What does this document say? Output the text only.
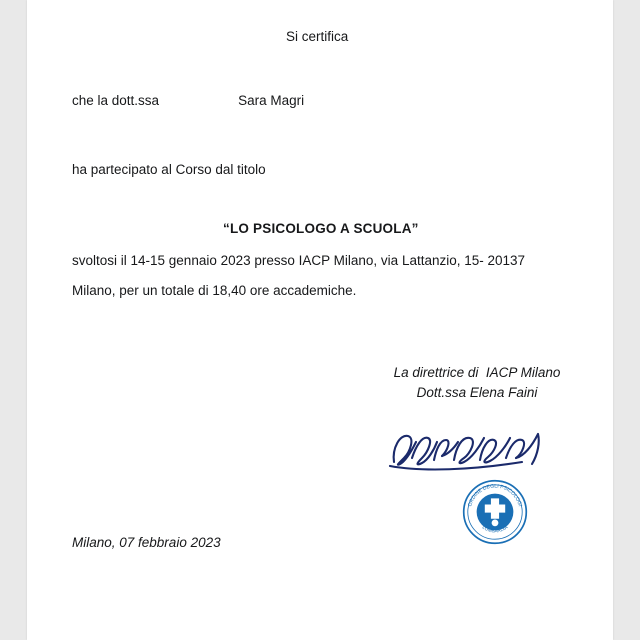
Si certifica
che la dott.ssa	Sara Magri
ha partecipato al Corso dal titolo
“LO PSICOLOGO A SCUOLA”
svoltosi il 14-15 gennaio 2023 presso IACP Milano, via Lattanzio, 15- 20137
Milano, per un totale di 18,40 ore accademiche.
La direttrice di  IACP Milano
Dott.ssa Elena Faini
ORDINE DEGLI PSICOLOGI
LOMBARDIA
Milano, 07 febbraio 2023
